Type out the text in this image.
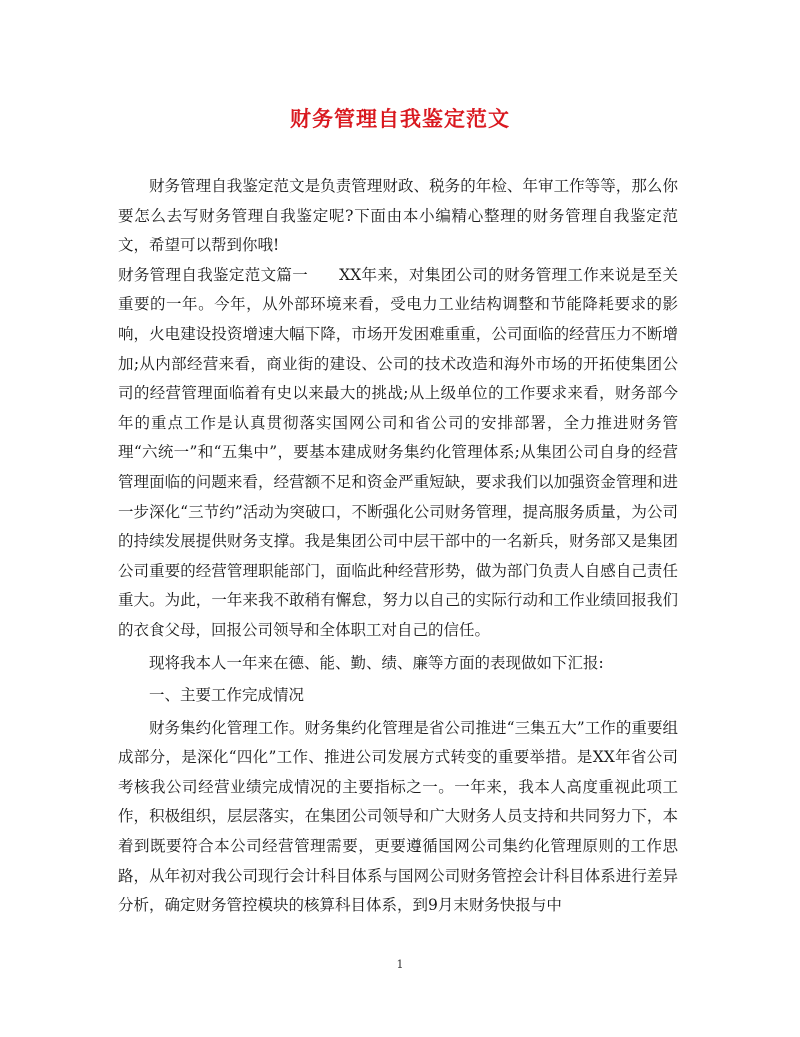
财务管理自我鉴定范文

财务管理自我鉴定范文是负责管理财政、税务的年检、年审工作等等，那么你要怎么去写财务管理自我鉴定呢?下面由本小编精心整理的财务管理自我鉴定范文，希望可以帮到你哦!

财务管理自我鉴定范文篇一 XX年来，对集团公司的财务管理工作来说是至关重要的一年。今年，从外部环境来看，受电力工业结构调整和节能降耗要求的影响，火电建设投资增速大幅下降，市场开发困难重重，公司面临的经营压力不断增加;从内部经营来看，商业街的建设、公司的技术改造和海外市场的开拓使集团公司的经营管理面临着有史以来最大的挑战;从上级单位的工作要求来看，财务部今年的重点工作是认真贯彻落实国网公司和省公司的安排部署，全力推进财务管理“六统一”和“五集中”，要基本建成财务集约化管理体系;从集团公司自身的经营管理面临的问题来看，经营额不足和资金严重短缺，要求我们以加强资金管理和进一步深化“三节约”活动为突破口，不断强化公司财务管理，提高服务质量，为公司的持续发展提供财务支撑。我是集团公司中层干部中的一名新兵，财务部又是集团公司重要的经营管理职能部门，面临此种经营形势，做为部门负责人自感自己责任重大。为此，一年来我不敢稍有懈怠，努力以自己的实际行动和工作业绩回报我们的衣食父母，回报公司领导和全体职工对自己的信任。

现将我本人一年来在德、能、勤、绩、廉等方面的表现做如下汇报:

一、主要工作完成情况

财务集约化管理工作。财务集约化管理是省公司推进“三集五大”工作的重要组成部分，是深化“四化”工作、推进公司发展方式转变的重要举措。是XX年省公司考核我公司经营业绩完成情况的主要指标之一。一年来，我本人高度重视此项工作，积极组织，层层落实，在集团公司领导和广大财务人员支持和共同努力下，本着到既要符合本公司经营管理需要，更要遵循国网公司集约化管理原则的工作思路，从年初对我公司现行会计科目体系与国网公司财务管控会计科目体系进行差异分析，确定财务管控模块的核算科目体系，到9月末财务快报与中

1
